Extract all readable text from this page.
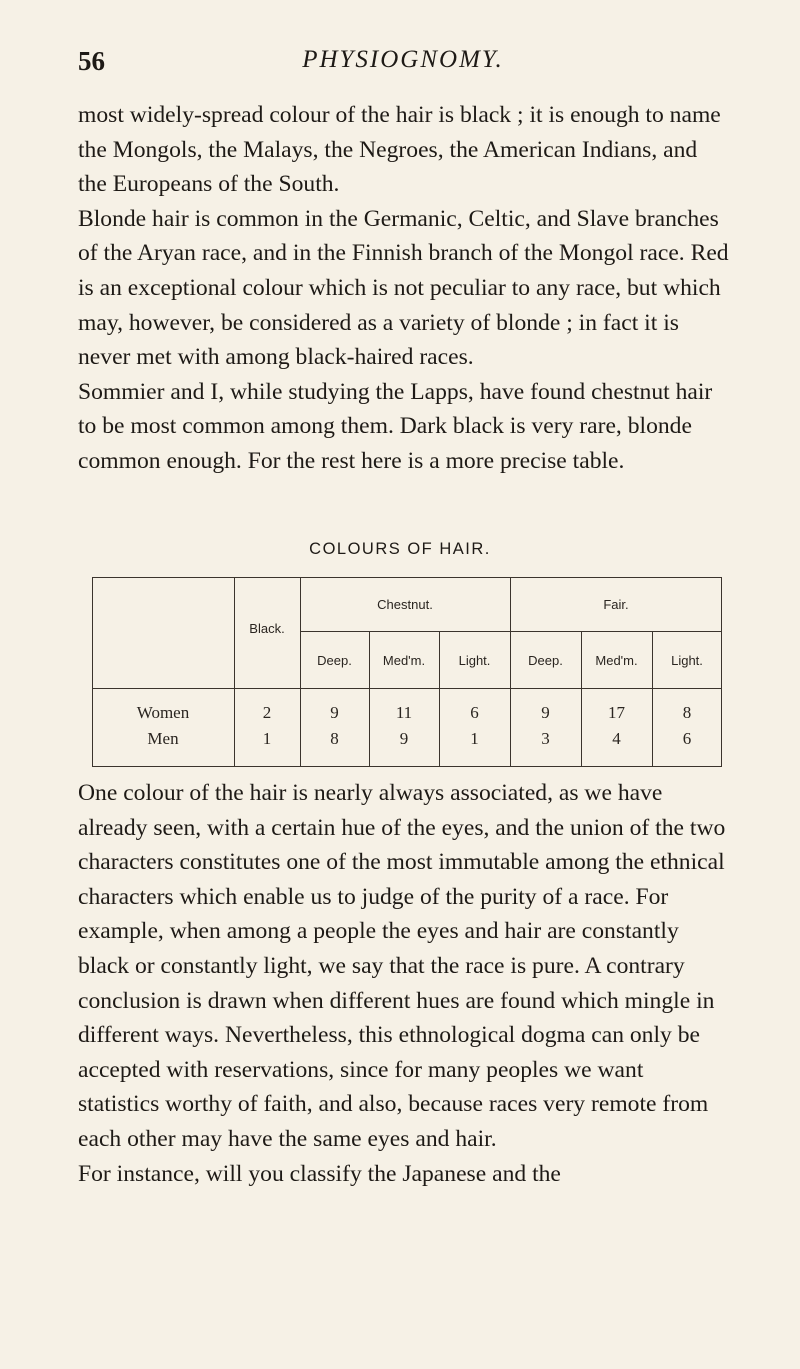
56	PHYSIOGNOMY.

most widely-spread colour of the hair is black ; it is enough to name the Mongols, the Malays, the Negroes, the American Indians, and the Europeans of the South.

Blonde hair is common in the Germanic, Celtic, and Slave branches of the Aryan race, and in the Finnish branch of the Mongol race. Red is an exceptional colour which is not peculiar to any race, but which may, however, be considered as a variety of blonde ; in fact it is never met with among black-haired races.

Sommier and I, while studying the Lapps, have found chestnut hair to be most common among them. Dark black is very rare, blonde common enough. For the rest here is a more precise table.

COLOURS OF HAIR.
Black.
Chestnut.	Fair.
Deep.	Med'm.	Light.	Deep.	Med'm.	Light.
Women	2	9	11	6	9	17	8
Men	1	8	9	1	3	4	6

One colour of the hair is nearly always associated, as we have already seen, with a certain hue of the eyes, and the union of the two characters constitutes one of the most immutable among the ethnical characters which enable us to judge of the purity of a race. For example, when among a people the eyes and hair are constantly black or constantly light, we say that the race is pure. A contrary conclusion is drawn when different hues are found which mingle in different ways. Nevertheless, this ethnological dogma can only be accepted with reservations, since for many peoples we want statistics worthy of faith, and also, because races very remote from each other may have the same eyes and hair.

For instance, will you classify the Japanese and the
